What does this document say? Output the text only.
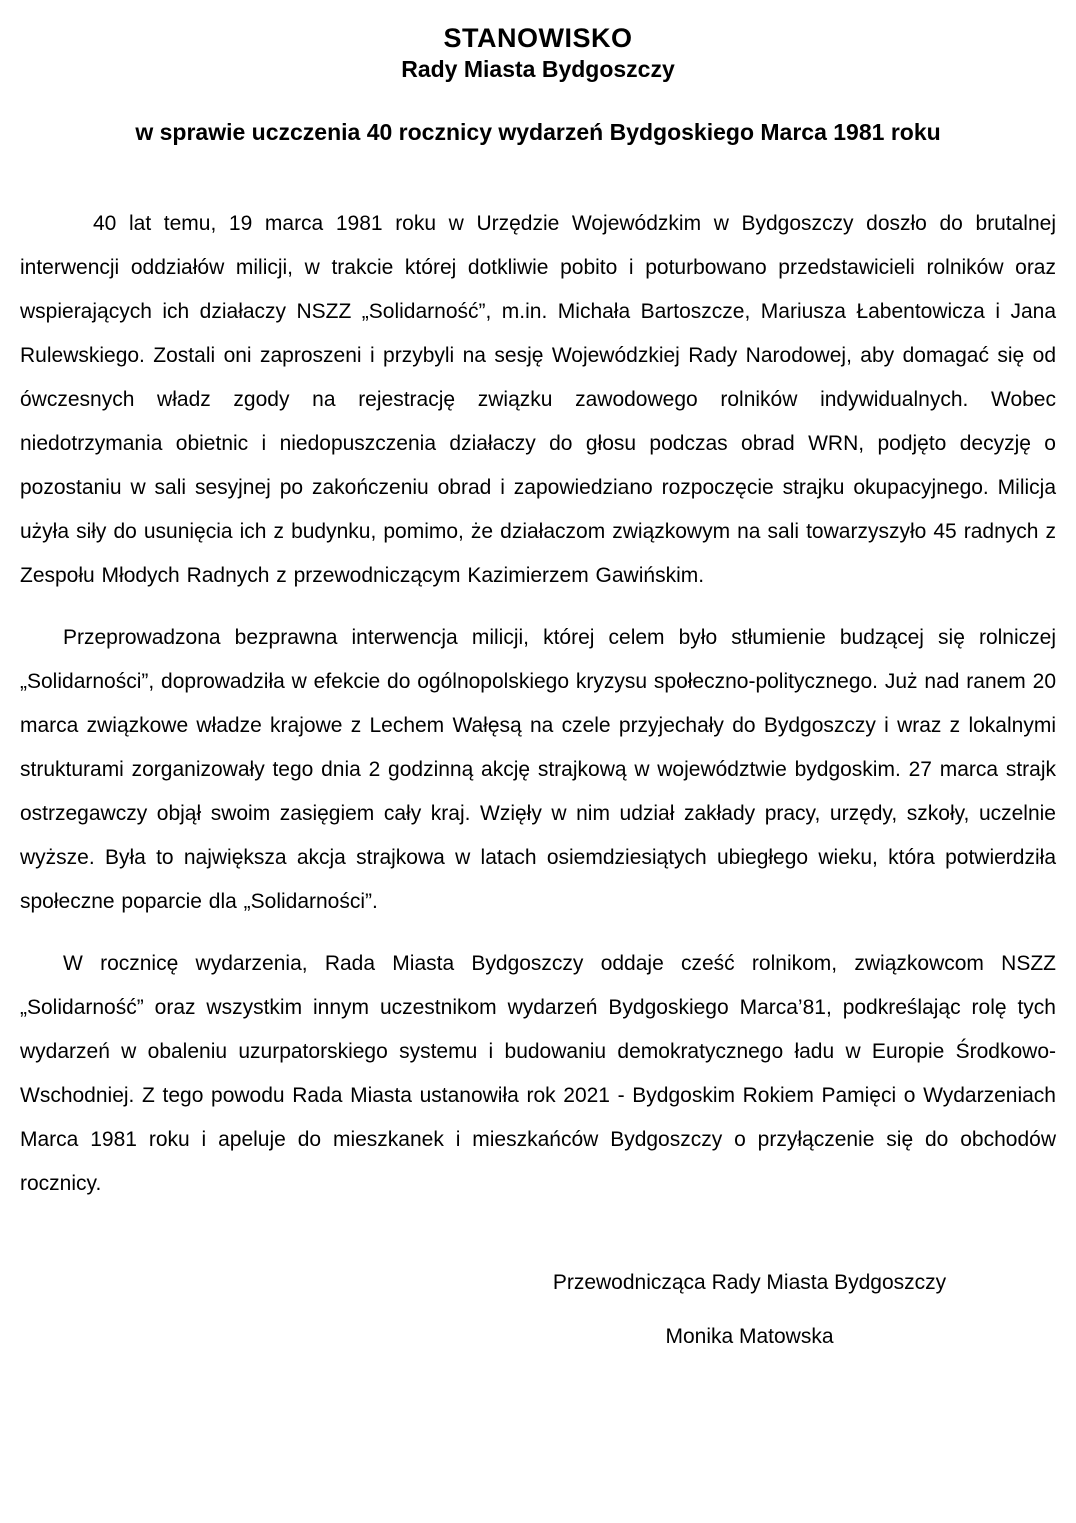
STANOWISKO
Rady Miasta Bydgoszczy
w sprawie uczczenia 40 rocznicy wydarzeń Bydgoskiego Marca 1981 roku

40 lat temu, 19 marca 1981 roku w Urzędzie Wojewódzkim w Bydgoszczy doszło do brutalnej interwencji oddziałów milicji, w trakcie której dotkliwie pobito i poturbowano przedstawicieli rolników oraz wspierających ich działaczy NSZZ „Solidarność”, m.in. Michała Bartoszcze, Mariusza Łabentowicza i Jana Rulewskiego. Zostali oni zaproszeni i przybyli na sesję Wojewódzkiej Rady Narodowej, aby domagać się od ówczesnych władz zgody na rejestrację związku zawodowego rolników indywidualnych. Wobec niedotrzymania obietnic i niedopuszczenia działaczy do głosu podczas obrad WRN, podjęto decyzję o pozostaniu w sali sesyjnej po zakończeniu obrad i zapowiedziano rozpoczęcie strajku okupacyjnego. Milicja użyła siły do usunięcia ich z budynku, pomimo, że działaczom związkowym na sali towarzyszyło 45 radnych z Zespołu Młodych Radnych z przewodniczącym Kazimierzem Gawińskim.

Przeprowadzona bezprawna interwencja milicji, której celem było stłumienie budzącej się rolniczej „Solidarności”, doprowadziła w efekcie do ogólnopolskiego kryzysu społeczno-politycznego. Już nad ranem 20 marca związkowe władze krajowe z Lechem Wałęsą na czele przyjechały do Bydgoszczy i wraz z lokalnymi strukturami zorganizowały tego dnia 2 godzinną akcję strajkową w województwie bydgoskim. 27 marca strajk ostrzegawczy objął swoim zasięgiem cały kraj. Wzięły w nim udział zakłady pracy, urzędy, szkoły, uczelnie wyższe. Była to największa akcja strajkowa w latach osiemdziesiątych ubiegłego wieku, która potwierdziła społeczne poparcie dla „Solidarności”.

W rocznicę wydarzenia, Rada Miasta Bydgoszczy oddaje cześć rolnikom, związkowcom NSZZ „Solidarność” oraz wszystkim innym uczestnikom wydarzeń Bydgoskiego Marca’81, podkreślając rolę tych wydarzeń w obaleniu uzurpatorskiego systemu i budowaniu demokratycznego ładu w Europie Środkowo-Wschodniej. Z tego powodu Rada Miasta ustanowiła rok 2021 - Bydgoskim Rokiem Pamięci o Wydarzeniach Marca 1981 roku i apeluje do mieszkanek i mieszkańców Bydgoszczy o przyłączenie się do obchodów rocznicy.

Przewodnicząca Rady Miasta Bydgoszczy
Monika Matowska
